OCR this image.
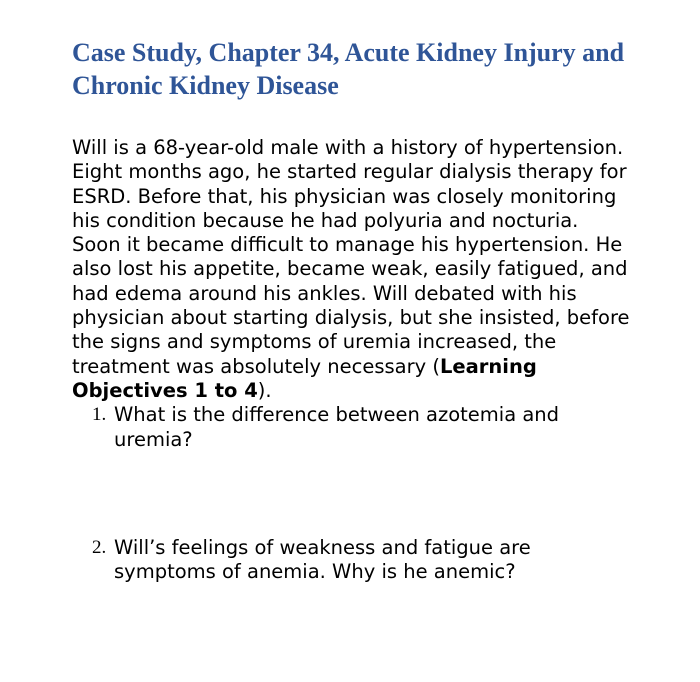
Case Study, Chapter 34, Acute Kidney Injury and Chronic Kidney Disease

Will is a 68-year-old male with a history of hypertension. Eight months ago, he started regular dialysis therapy for ESRD. Before that, his physician was closely monitoring his condition because he had polyuria and nocturia. Soon it became difficult to manage his hypertension. He also lost his appetite, became weak, easily fatigued, and had edema around his ankles. Will debated with his physician about starting dialysis, but she insisted, before the signs and symptoms of uremia increased, the treatment was absolutely necessary (Learning Objectives 1 to 4).

1. What is the difference between azotemia and uremia?
2. Will’s feelings of weakness and fatigue are symptoms of anemia. Why is he anemic?
